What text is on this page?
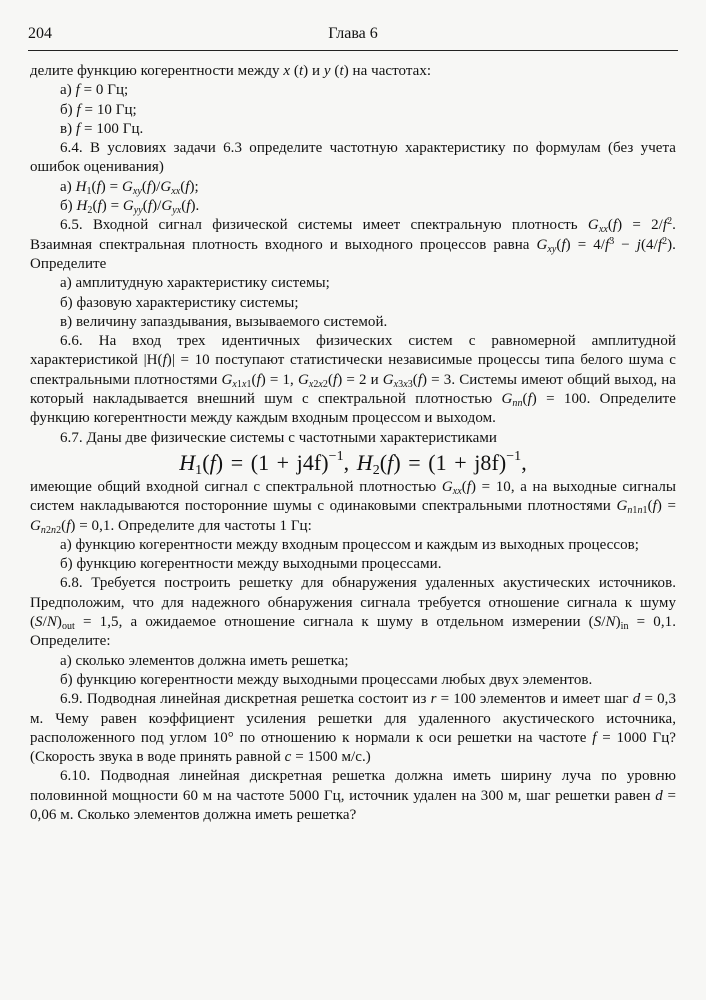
204	Глава 6

делите функцию когерентности между x (t) и y (t) на частотах:

а) f = 0 Гц;

б) f = 10 Гц;

в) f = 100 Гц.

6.4. В условиях задачи 6.3 определите частотную характеристику по формулам (без учета ошибок оценивания)

а) $H_1(f) = G_{xy}(f)/G_{xx}(f)$;

б) $H_2(f) = G_{yy}(f)/G_{yx}(f)$.

6.5. Входной сигнал физической системы имеет спектральную плотность $G_{xx}(f) = 2/f^2$. Взаимная спектральная плотность входного и выходного процессов равна $G_{xy}(f) = 4/f^3 - j(4/f^2)$. Определите

а) амплитудную характеристику системы;

б) фазовую характеристику системы;

в) величину запаздывания, вызываемого системой.

6.6. На вход трех идентичных физических систем с равномерной амплитудной характеристикой |H(f)| = 10 поступают статистически независимые процессы типа белого шума с спектральными плотностями $G_{x1x1}(f) = 1$, $G_{x2x2}(f) = 2$ и $G_{x3x3}(f) = 3$. Системы имеют общий выход, на который накладывается внешний шум с спектральной плотностью $G_{nn}(f) = 100$. Определите функцию когерентности между каждым входным процессом и выходом.

6.7. Даны две физические системы с частотными характеристиками

$H_1(f) = (1 + j4f)^{-1}$, $H_2(f) = (1 + j8f)^{-1}$,

имеющие общий входной сигнал с спектральной плотностью $G_{xx}(f) = 10$, а на выходные сигналы систем накладываются посторонние шумы с одинаковыми спектральными плотностями $G_{n1n1}(f) = G_{n2n2}(f) = 0,1$. Определите для частоты 1 Гц:

а) функцию когерентности между входным процессом и каждым из выходных процессов;

б) функцию когерентности между выходными процессами.

6.8. Требуется построить решетку для обнаружения удаленных акустических источников. Предположим, что для надежного обнаружения сигнала требуется отношение сигнала к шуму $(S/N)_{out} = 1,5$, а ожидаемое отношение сигнала к шуму в отдельном измерении $(S/N)_{in} = 0,1$. Определите:

а) сколько элементов должна иметь решетка;

б) функцию когерентности между выходными процессами любых двух элементов.

6.9. Подводная линейная дискретная решетка состоит из r = 100 элементов и имеет шаг d = 0,3 м. Чему равен коэффициент усиления решетки для удаленного акустического источника, расположенного под углом 10° по отношению к нормали к оси решетки на частоте f = 1000 Гц? (Скорость звука в воде принять равной c = 1500 м/с.)

6.10. Подводная линейная дискретная решетка должна иметь ширину луча по уровню половинной мощности 60 м на частоте 5000 Гц, источник удален на 300 м, шаг решетки равен d = 0,06 м. Сколько элементов должна иметь решетка?
